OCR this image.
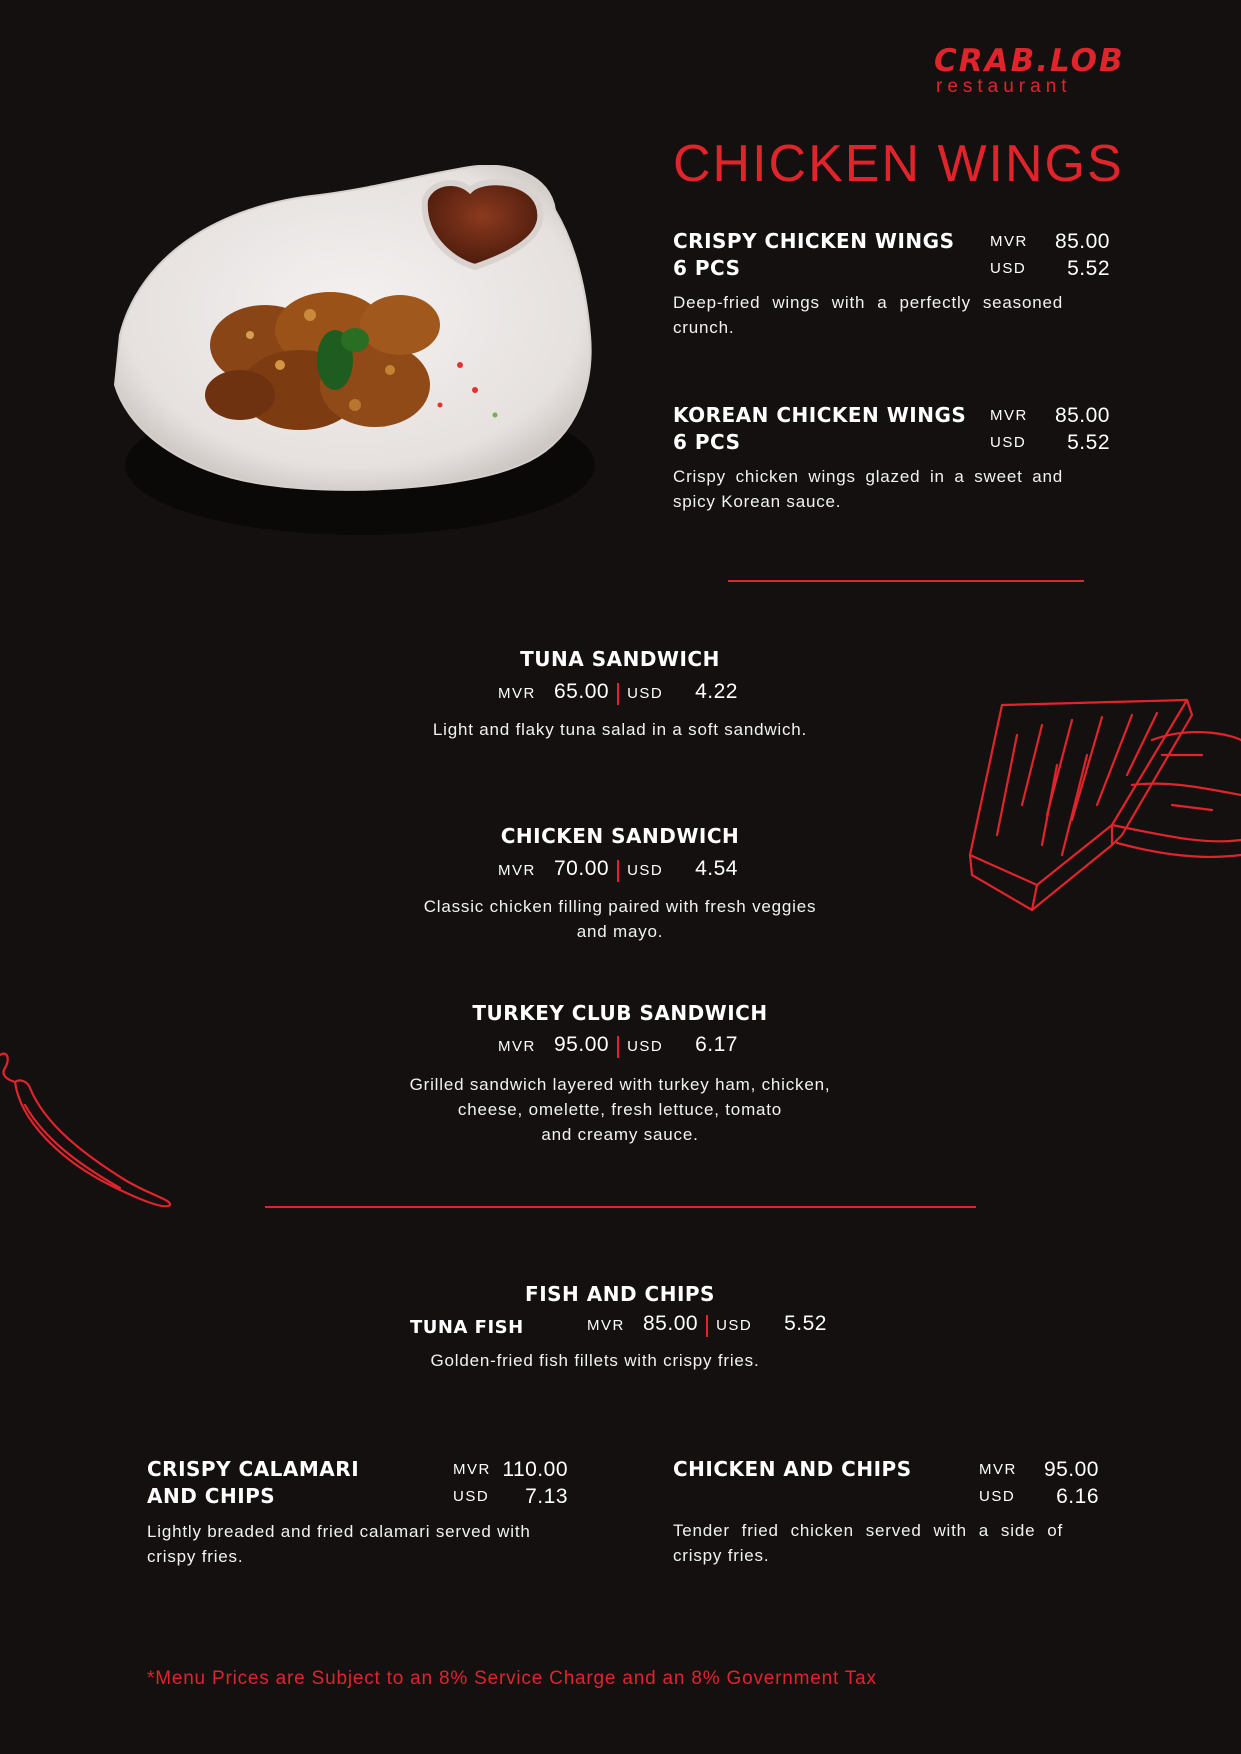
CRAB.LOB
restaurant
CHICKEN WINGS
CRISPY CHICKEN WINGS
6 PCS
MVR	85.00
USD	5.52
Deep-fried wings with a perfectly seasoned crunch.
KOREAN CHICKEN WINGS
6 PCS
MVR	85.00
USD	5.52
Crispy chicken wings glazed in a sweet and spicy Korean sauce.
TUNA SANDWICH
MVR 65.00 USD	4.22
Light and flaky tuna salad in a soft sandwich.
CHICKEN SANDWICH
MVR 70.00 USD	4.54
Classic chicken filling paired with fresh veggies
and mayo.
TURKEY CLUB SANDWICH
MVR 95.00 USD	6.17
Grilled sandwich layered with turkey ham, chicken,
cheese, omelette, fresh lettuce, tomato
and creamy sauce.
FISH AND CHIPS
TUNA FISH	MVR 85.00 USD	5.52
Golden-fried fish fillets with crispy fries.
CRISPY CALAMARI
AND CHIPS
MVR 110.00
USD	7.13
Lightly breaded and fried calamari served with crispy fries.
CHICKEN AND CHIPS	MVR	95.00
USD	6.16
Tender fried chicken served with a side of crispy fries.
*Menu Prices are Subject to an 8% Service Charge and an 8% Government Tax
